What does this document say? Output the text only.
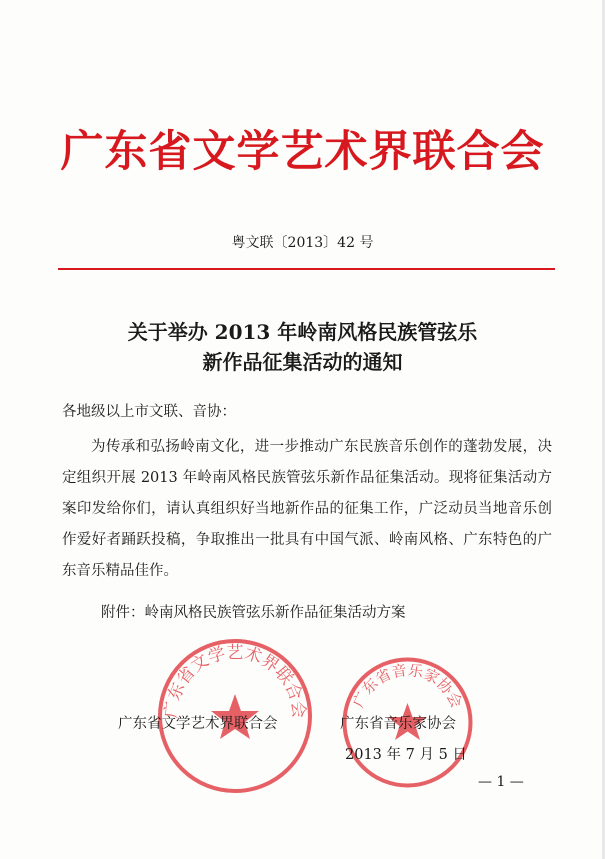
广东省文学艺术界联合会
粤文联〔2013〕42 号
关于举办 2013 年岭南风格民族管弦乐
新作品征集活动的通知
各地级以上市文联、音协：
为传承和弘扬岭南文化，进一步推动广东民族音乐创作的蓬勃发展，决定组织开展 2013 年岭南风格民族管弦乐新作品征集活动。现将征集活动方案印发给你们，请认真组织好当地新作品的征集工作，广泛动员当地音乐创作爱好者踊跃投稿，争取推出一批具有中国气派、岭南风格、广东特色的广东音乐精品佳作。
附件：岭南风格民族管弦乐新作品征集活动方案
广东省文学艺术界联合会	广东省音乐家协会
广东省文学艺术界联合会	广东省音乐家协会
2013 年 7 月 5 日
— 1 —
